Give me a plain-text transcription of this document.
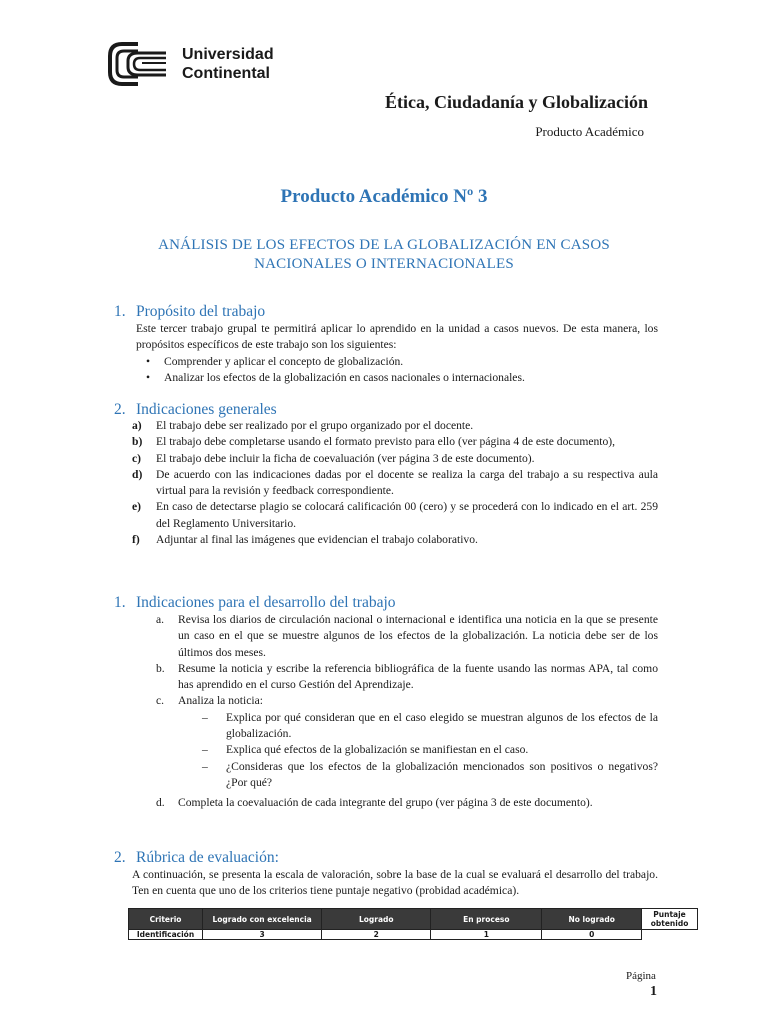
Universidad
Continental
Ética, Ciudadanía y Globalización
Producto Académico
Producto Académico Nº 3
ANÁLISIS DE LOS EFECTOS DE LA GLOBALIZACIÓN EN CASOS
NACIONALES O INTERNACIONALES
1. Propósito del trabajo
Este tercer trabajo grupal te permitirá aplicar lo aprendido en la unidad a casos nuevos. De esta manera, los propósitos específicos de este trabajo son los siguientes:
• Comprender y aplicar el concepto de globalización.
• Analizar los efectos de la globalización en casos nacionales o internacionales.
2. Indicaciones generales
a) El trabajo debe ser realizado por el grupo organizado por el docente.
b) El trabajo debe completarse usando el formato previsto para ello (ver página 4 de este documento),
c) El trabajo debe incluir la ficha de coevaluación (ver página 3 de este documento).
d) De acuerdo con las indicaciones dadas por el docente se realiza la carga del trabajo a su respectiva aula virtual para la revisión y feedback correspondiente.
e) En caso de detectarse plagio se colocará calificación 00 (cero) y se procederá con lo indicado en el art. 259 del Reglamento Universitario.
f) Adjuntar al final las imágenes que evidencian el trabajo colaborativo.
1. Indicaciones para el desarrollo del trabajo
a. Revisa los diarios de circulación nacional o internacional e identifica una noticia en la que se presente un caso en el que se muestre algunos de los efectos de la globalización. La noticia debe ser de los últimos dos meses.
b. Resume la noticia y escribe la referencia bibliográfica de la fuente usando las normas APA, tal como has aprendido en el curso Gestión del Aprendizaje.
c. Analiza la noticia:
– Explica por qué consideran que en el caso elegido se muestran algunos de los efectos de la globalización.
– Explica qué efectos de la globalización se manifiestan en el caso.
– ¿Consideras que los efectos de la globalización mencionados son positivos o negativos? ¿Por qué?
d. Completa la coevaluación de cada integrante del grupo (ver página 3 de este documento).
2. Rúbrica de evaluación:
A continuación, se presenta la escala de valoración, sobre la base de la cual se evaluará el desarrollo del trabajo. Ten en cuenta que uno de los criterios tiene puntaje negativo (probidad académica).
Criterio	Logrado con excelencia	Logrado	En proceso	No logrado	Puntaje obtenido
Identificación	3	2	1	0	
Página
1
